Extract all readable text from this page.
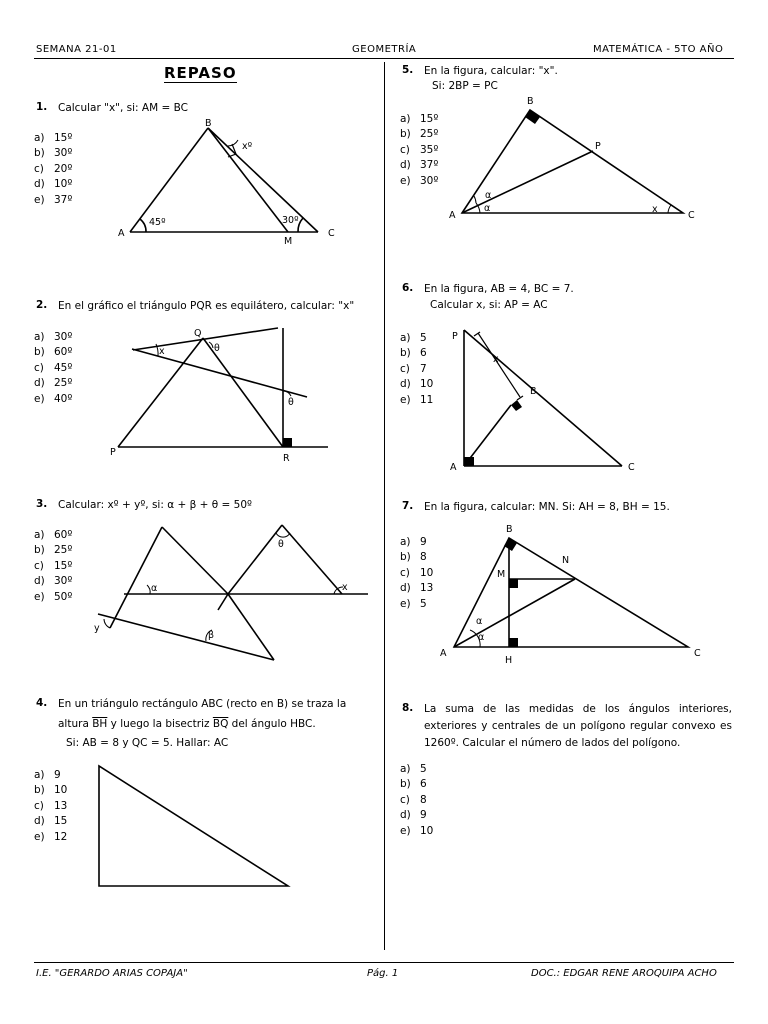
SEMANA 21-01	GEOMETRÍA	MATEMÁTICA - 5TO AÑO
REPASO
1. Calcular "x", si: AM = BC
a) 15º
b) 30º
c) 20º
d) 10º
e) 37º
B
A	C
M
xº
45º	30º
2. En el gráfico el triángulo PQR es equilátero, calcular: "x"
a) 30º
b) 60º
c) 45º
d) 25º
e) 40º
Q
P
R
x	θ
θ
3. Calcular: xº + yº, si: α + β + θ = 50º
a) 60º
b) 25º
c) 15º
d) 30º
e) 50º
α
θ
x
y
β
4. En un triángulo rectángulo ABC (recto en B) se traza la
altura $\overline{BH}$ y luego la bisectriz $\overline{BQ}$ del ángulo HBC.
Si: AB = 8 y QC = 5. Hallar: AC
a) 9
b) 10
c) 13
d) 15
e) 12
5. En la figura, calcular: "x".
Si: 2BP = PC
a) 15º
b) 25º
c) 35º
d) 37º
e) 30º
B
P
A	C
α
α	x
6. En la figura, AB = 4, BC = 7.
Calcular x, si: AP = AC
a) 5
b) 6
c) 7
d) 10
e) 11
P
B
A	C
x
7. En la figura, calcular: MN. Si: AH = 8, BH = 15.
a) 9
b) 8
c) 10
d) 13
e) 5
B
N
M
A
H
C
α
α
8. La suma de las medidas de los ángulos interiores, exteriores y centrales de un polígono regular convexo es 1260º. Calcular el número de lados del polígono.
a) 5
b) 6
c) 8
d) 9
e) 10
I.E. "GERARDO ARIAS COPAJA"	Pág. 1	DOC.: EDGAR RENE AROQUIPA ACHO
